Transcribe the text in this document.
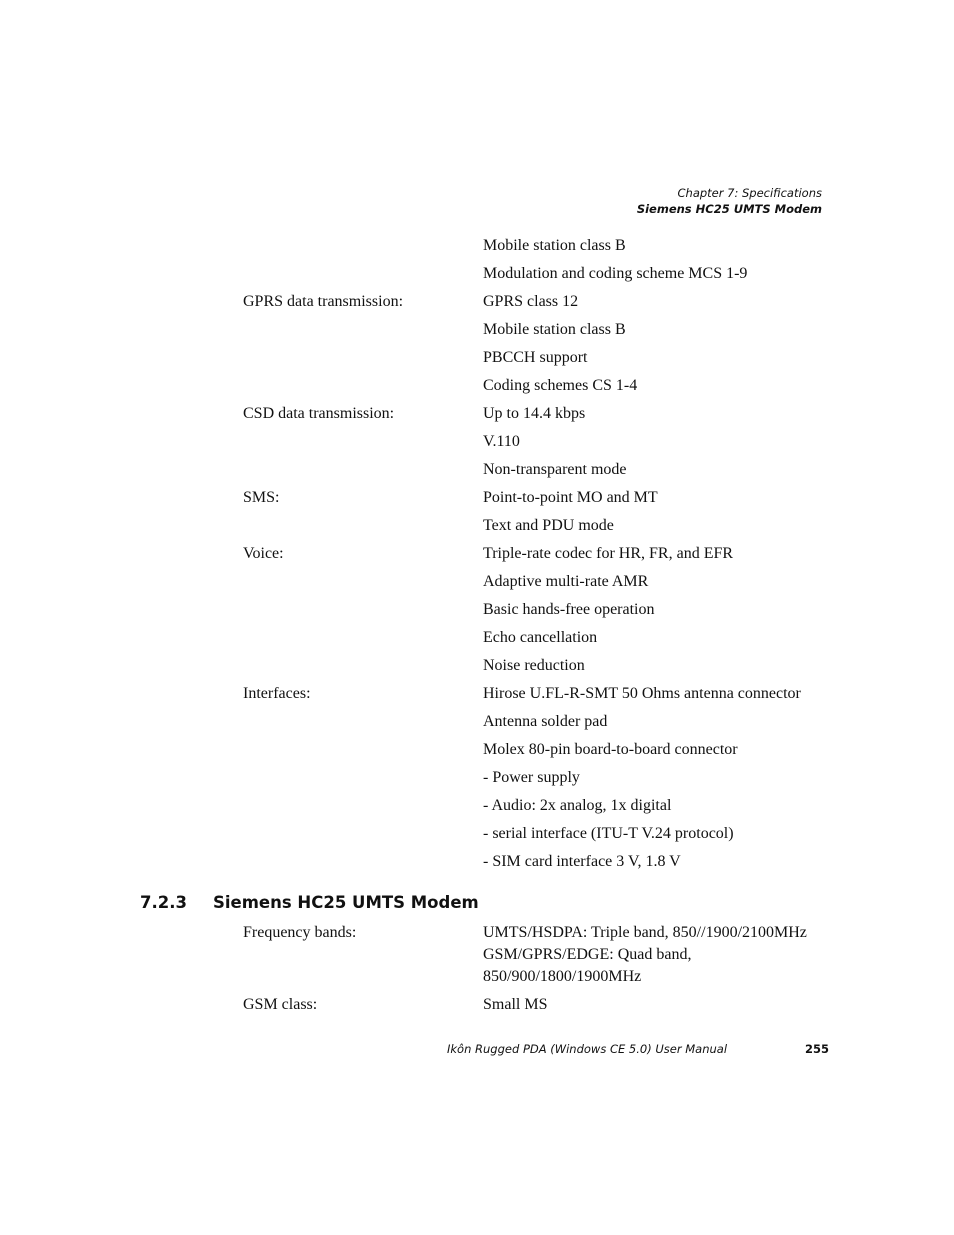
Chapter 7: Specifications
Siemens HC25 UMTS Modem
Mobile station class B
Modulation and coding scheme MCS 1-9
GPRS data transmission:	GPRS class 12
Mobile station class B
PBCCH support
Coding schemes CS 1-4
CSD data transmission:	Up to 14.4 kbps
V.110
Non-transparent mode
SMS:	Point-to-point MO and MT
Text and PDU mode
Voice:	Triple-rate codec for HR, FR, and EFR
Adaptive multi-rate AMR
Basic hands-free operation
Echo cancellation
Noise reduction
Interfaces:	Hirose U.FL-R-SMT 50 Ohms antenna connector
Antenna solder pad
Molex 80-pin board-to-board connector
- Power supply
- Audio: 2x analog, 1x digital
- serial interface (ITU-T V.24 protocol)
- SIM card interface 3 V, 1.8 V
7.2.3	Siemens HC25 UMTS Modem
Frequency bands:	UMTS/HSDPA: Triple band, 850//1900/2100MHz
GSM/GPRS/EDGE: Quad band,
850/900/1800/1900MHz
GSM class:	Small MS
Ikôn Rugged PDA (Windows CE 5.0) User Manual	255
